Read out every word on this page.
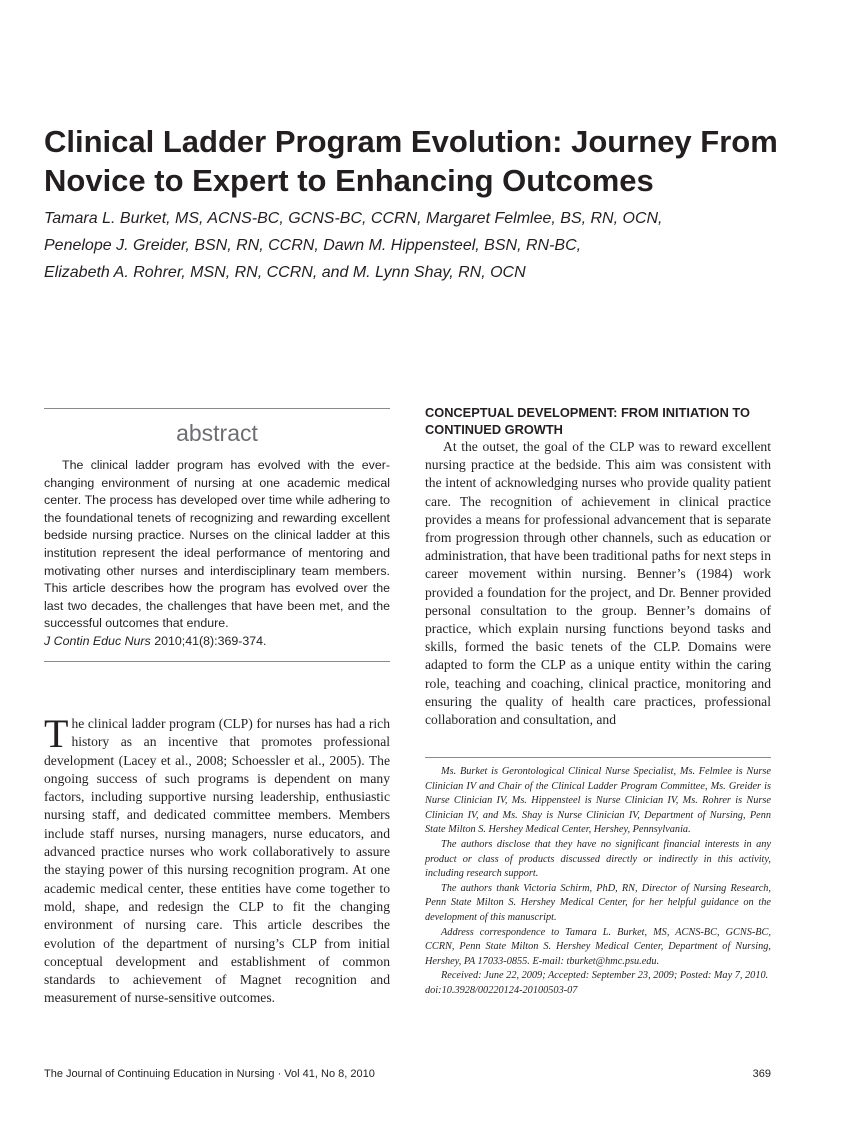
Clinical Ladder Program Evolution: Journey From Novice to Expert to Enhancing Outcomes
Tamara L. Burket, MS, ACNS-BC, GCNS-BC, CCRN, Margaret Felmlee, BS, RN, OCN,
Penelope J. Greider, BSN, RN, CCRN, Dawn M. Hippensteel, BSN, RN-BC,
Elizabeth A. Rohrer, MSN, RN, CCRN, and M. Lynn Shay, RN, OCN
abstract
The clinical ladder program has evolved with the ever-changing environment of nursing at one academic medical center. The process has developed over time while adhering to the foundational tenets of recognizing and rewarding excellent bedside nursing practice. Nurses on the clinical ladder at this institution represent the ideal performance of mentoring and motivating other nurses and interdisciplinary team members. This article describes how the program has evolved over the last two decades, the challenges that have been met, and the successful outcomes that endure.
J Contin Educ Nurs 2010;41(8):369-374.
The clinical ladder program (CLP) for nurses has had a rich history as an incentive that promotes professional development (Lacey et al., 2008; Schoessler et al., 2005). The ongoing success of such programs is dependent on many factors, including supportive nursing leadership, enthusiastic nursing staff, and dedicated committee members. Members include staff nurses, nursing managers, nurse educators, and advanced practice nurses who work collaboratively to assure the staying power of this nursing recognition program. At one academic medical center, these entities have come together to mold, shape, and redesign the CLP to fit the changing environment of nursing care. This article describes the evolution of the department of nursing’s CLP from initial conceptual development and establishment of common standards to achievement of Magnet recognition and measurement of nurse-sensitive outcomes.
CONCEPTUAL DEVELOPMENT: FROM INITIATION TO CONTINUED GROWTH

At the outset, the goal of the CLP was to reward excellent nursing practice at the bedside. This aim was consistent with the intent of acknowledging nurses who provide quality patient care. The recognition of achievement in clinical practice provides a means for professional advancement that is separate from progression through other channels, such as education or administration, that have been traditional paths for next steps in career movement within nursing. Benner’s (1984) work provided a foundation for the project, and Dr. Benner provided personal consultation to the group. Benner’s domains of practice, which explain nursing functions beyond tasks and skills, formed the basic tenets of the CLP. Domains were adapted to form the CLP as a unique entity within the caring role, teaching and coaching, clinical practice, monitoring and ensuring the quality of health care practices, professional collaboration and consultation, and

Ms. Burket is Gerontological Clinical Nurse Specialist, Ms. Felmlee is Nurse Clinician IV and Chair of the Clinical Ladder Program Committee, Ms. Greider is Nurse Clinician IV, Ms. Hippensteel is Nurse Clinician IV, Ms. Rohrer is Nurse Clinician IV, and Ms. Shay is Nurse Clinician IV, Department of Nursing, Penn State Milton S. Hershey Medical Center, Hershey, Pennsylvania.

The authors disclose that they have no significant financial interests in any product or class of products discussed directly or indirectly in this activity, including research support.

The authors thank Victoria Schirm, PhD, RN, Director of Nursing Research, Penn State Milton S. Hershey Medical Center, for her helpful guidance on the development of this manuscript.

Address correspondence to Tamara L. Burket, MS, ACNS-BC, GCNS-BC, CCRN, Penn State Milton S. Hershey Medical Center, Department of Nursing, Hershey, PA 17033-0855. E-mail: tburket@hmc.psu.edu.

Received: June 22, 2009; Accepted: September 23, 2009; Posted: May 7, 2010.

doi:10.3928/00220124-20100503-07

The Journal of Continuing Education in Nursing · Vol 41, No 8, 2010	369
